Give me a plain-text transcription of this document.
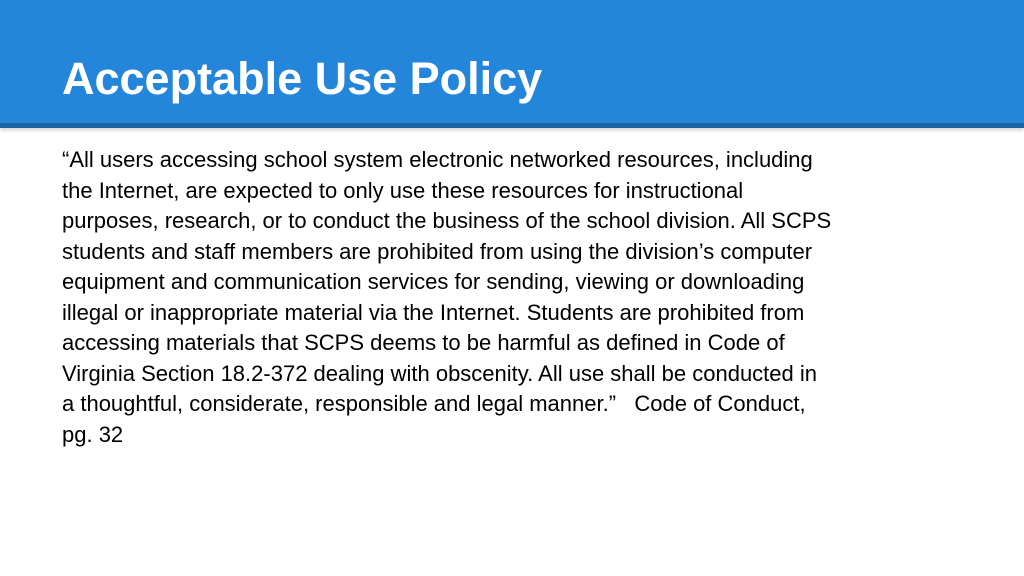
Acceptable Use Policy
“All users accessing school system electronic networked resources, including
the Internet, are expected to only use these resources for instructional
purposes, research, or to conduct the business of the school division. All SCPS
students and staff members are prohibited from using the division’s computer
equipment and communication services for sending, viewing or downloading
illegal or inappropriate material via the Internet. Students are prohibited from
accessing materials that SCPS deems to be harmful as defined in Code of
Virginia Section 18.2-372 dealing with obscenity. All use shall be conducted in
a thoughtful, considerate, responsible and legal manner.”   Code of Conduct,
pg. 32
